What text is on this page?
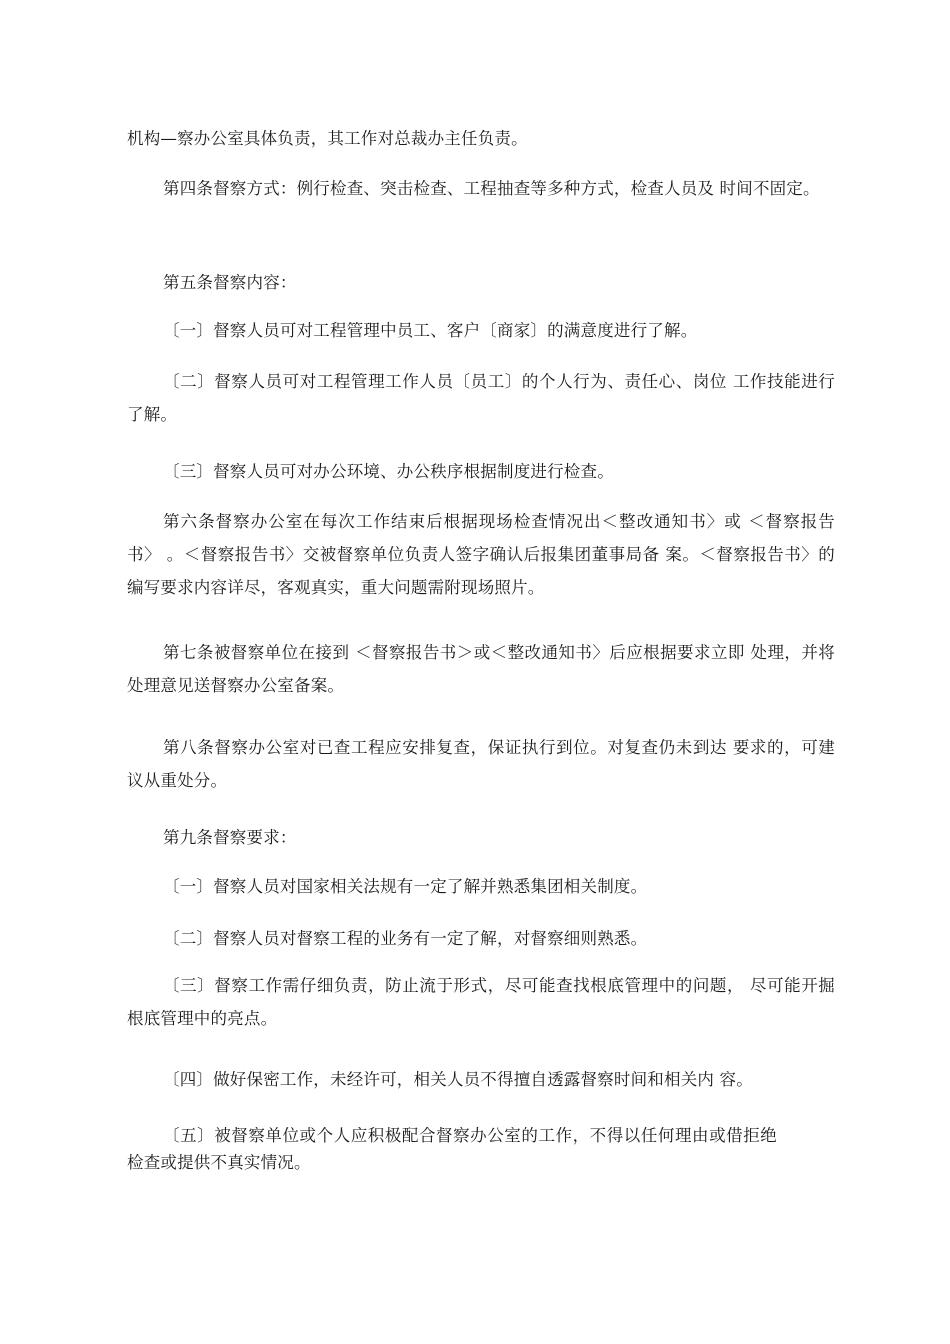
机构—察办公室具体负责，其工作对总裁办主任负责。

第四条督察方式：例行检查、突击检查、工程抽查等多种方式，检查人员及 时间不固定。

第五条督察内容：

〔一〕督察人员可对工程管理中员工、客户〔商家〕的满意度进行了解。

〔二〕督察人员可对工程管理工作人员〔员工〕的个人行为、责任心、岗位 工作技能进行了解。

〔三〕督察人员可对办公环境、办公秩序根据制度进行检查。

第六条督察办公室在每次工作结束后根据现场检查情况出＜整改通知书〉或 ＜督察报告书〉 。＜督察报告书〉交被督察单位负责人签字确认后报集团董事局备 案。＜督察报告书〉的编写要求内容详尽，客观真实，重大问题需附现场照片。

第七条被督察单位在接到 ＜督察报告书＞或＜整改通知书〉后应根据要求立即 处理，并将处理意见送督察办公室备案。

第八条督察办公室对已查工程应安排复查，保证执行到位。对复查仍未到达 要求的，可建议从重处分。

第九条督察要求：

〔一〕督察人员对国家相关法规有一定了解并熟悉集团相关制度。

〔二〕督察人员对督察工程的业务有一定了解，对督察细则熟悉。

〔三〕督察工作需仔细负责，防止流于形式，尽可能查找根底管理中的问题， 尽可能开掘根底管理中的亮点。

〔四〕做好保密工作，未经许可，相关人员不得擅自透露督察时间和相关内 容。

〔五〕被督察单位或个人应积极配合督察办公室的工作，不得以任何理由或借拒绝检查或提供不真实情况。
